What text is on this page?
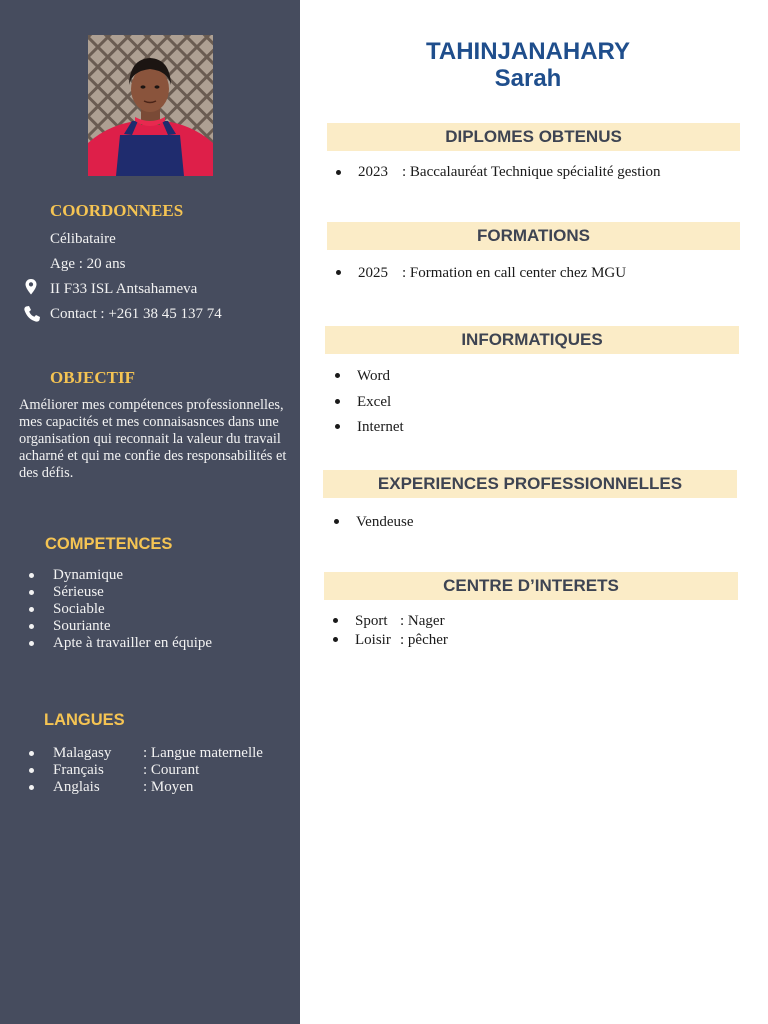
COORDONNEES
Célibataire
Age : 20 ans
II F33 ISL Antsahameva
Contact : +261 38 45 137 74
OBJECTIF

Améliorer mes compétences professionnelles, mes capacités et mes connaisasnces dans une organisation qui reconnait la valeur du travail acharné et qui me confie des responsabilités et des défis.

COMPETENCES
Dynamique
Sérieuse
Sociable
Souriante
Apte à travailler en équipe
LANGUES
Malagasy : Langue maternelle
Français	: Courant
Anglais	: Moyen
TAHINJANAHARY
Sarah
DIPLOMES OBTENUS
2023 : Baccalauréat Technique spécialité gestion
FORMATIONS
2025 : Formation en call center chez MGU
INFORMATIQUES
Word
Excel
Internet
EXPERIENCES PROFESSIONNELLES
Vendeuse
CENTRE D’INTERETS
Sport : Nager
Loisir : pêcher
